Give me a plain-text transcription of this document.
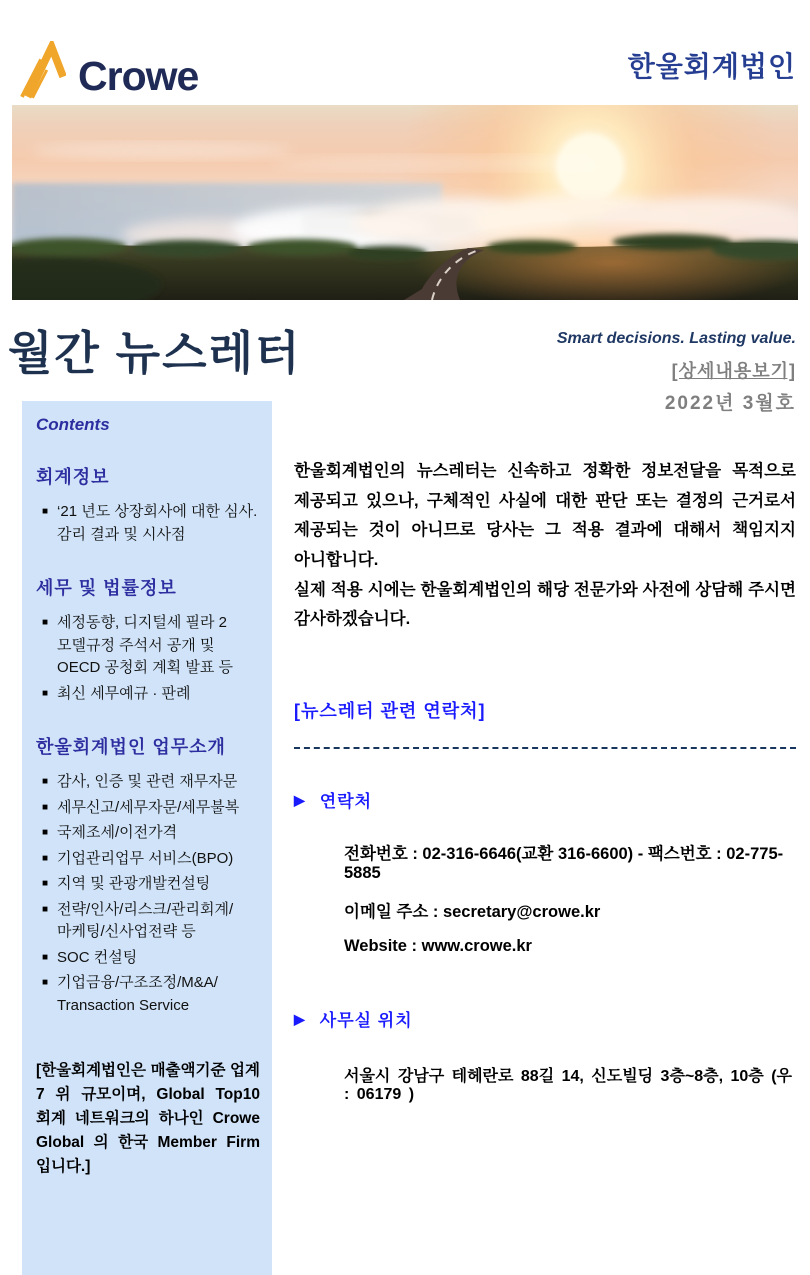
Crowe	한울회계법인
월간 뉴스레터	Smart decisions. Lasting value.
[상세내용보기]
2022년 3월호
Contents
회계정보
■ ‘21 년도 상장회사에 대한 심사.감리 결과 및 시사점
세무 및 법률정보
■ 세정동향, 디지털세 필라 2 모델규정 주석서 공개 및 OECD 공청회 계획 발표 등
■ 최신 세무예규 · 판례
한울회계법인 업무소개
■ 감사, 인증 및 관련 재무자문
■ 세무신고/세무자문/세무불복
■ 국제조세/이전가격
■ 기업관리업무 서비스(BPO)
■ 지역 및 관광개발컨설팅
■ 전략/인사/리스크/관리회계/ 마케팅/신사업전략 등
■ SOC 컨설팅
■ 기업금융/구조조정/M&A/ Transaction Service

[한울회계법인은 매출액기준 업계 7 위 규모이며, Global Top10 회계 네트워크의 하나인 Crowe Global 의 한국 Member Firm 입니다.]

한울회계법인의 뉴스레터는 신속하고 정확한 정보전달을 목적으로 제공되고 있으나, 구체적인 사실에 대한 판단 또는 결정의 근거로서 제공되는 것이 아니므로 당사는 그 적용 결과에 대해서 책임지지 아니합니다.

실제 적용 시에는 한울회계법인의 해당 전문가와 사전에 상담해 주시면 감사하겠습니다.

[뉴스레터 관련 연락처]
▶ 연락처

전화번호 : 02-316-6646(교환 316-6600) - 팩스번호 : 02-775-5885

이메일 주소 : secretary@crowe.kr

Website : www.crowe.kr

▶ 사무실 위치

서울시 강남구 테헤란로 88길 14, 신도빌딩 3층~8층, 10층 (우 : 06179 )
